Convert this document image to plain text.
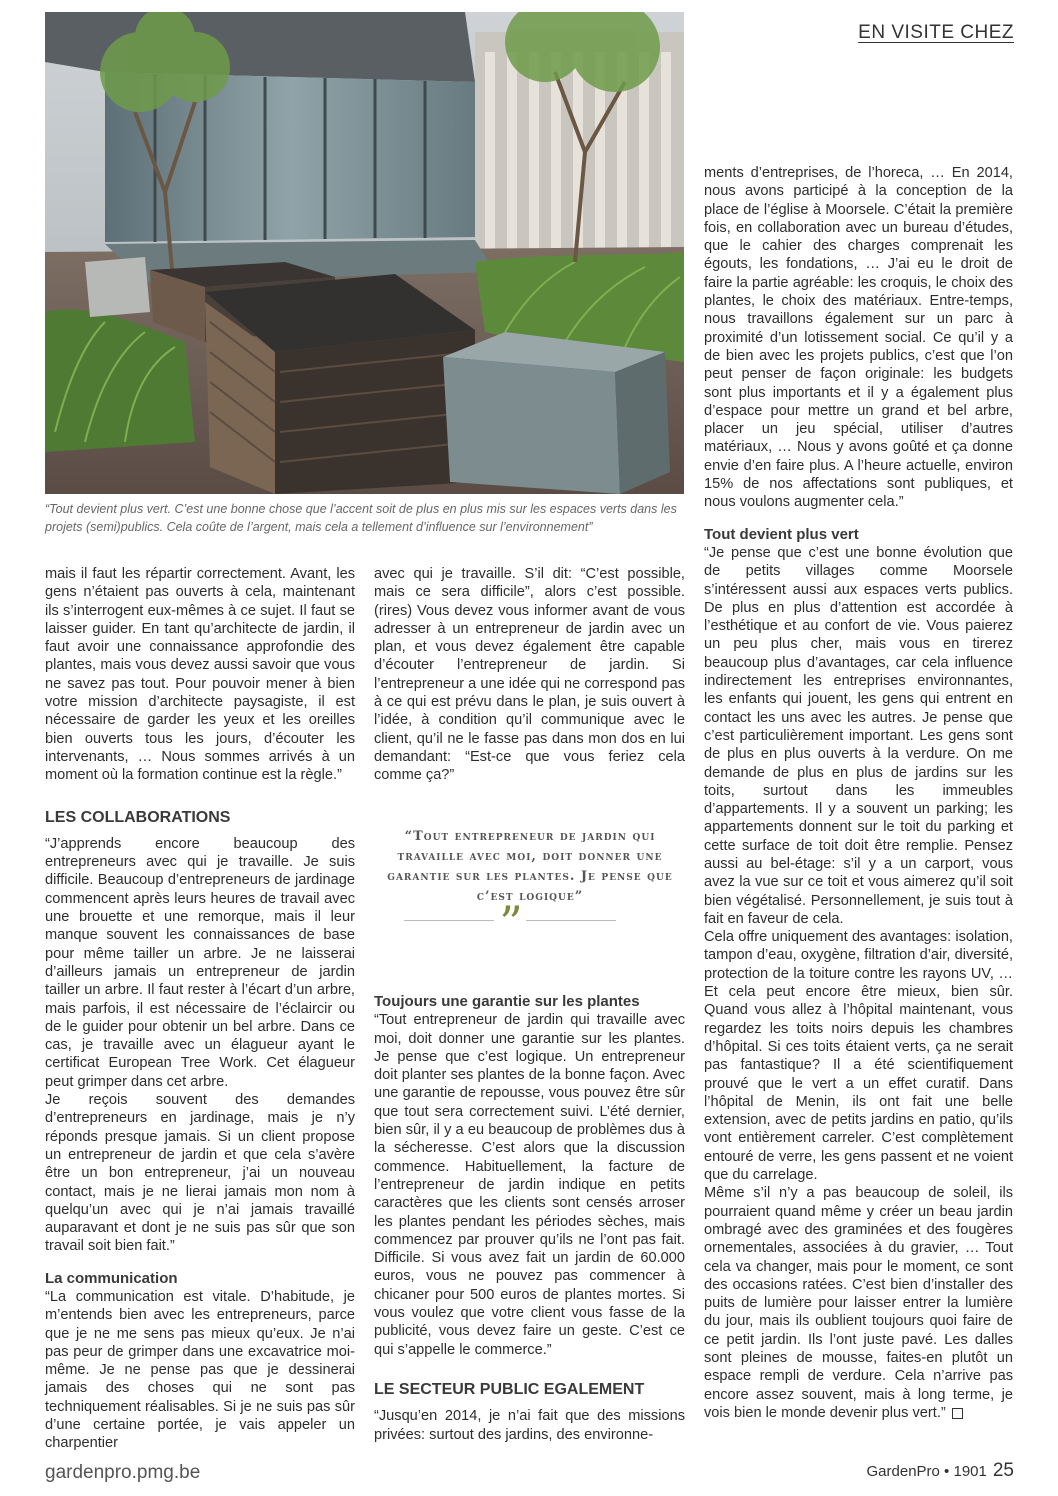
EN VISITE CHEZ
“Tout devient plus vert. C’est une bonne chose que l’accent soit de plus en plus mis sur les espaces verts dans les projets (semi)publics. Cela coûte de l’argent, mais cela a tellement d’influence sur l’environnement”

mais il faut les répartir correctement. Avant, les gens n’étaient pas ouverts à cela, maintenant ils s’interrogent eux-mêmes à ce sujet. Il faut se laisser guider. En tant qu’architecte de jardin, il faut avoir une connaissance approfondie des plantes, mais vous devez aussi savoir que vous ne savez pas tout. Pour pouvoir mener à bien votre mission d’architecte paysagiste, il est nécessaire de garder les yeux et les oreilles bien ouverts tous les jours, d’écouter les intervenants, … Nous sommes arrivés à un moment où la formation continue est la règle.”

LES COLLABORATIONS

“J’apprends encore beaucoup des entrepreneurs avec qui je travaille. Je suis difficile. Beaucoup d’entrepreneurs de jardinage commencent après leurs heures de travail avec une brouette et une remorque, mais il leur manque souvent les connaissances de base pour même tailler un arbre. Je ne laisserai d’ailleurs jamais un entrepreneur de jardin tailler un arbre. Il faut rester à l’écart d’un arbre, mais parfois, il est nécessaire de l’éclaircir ou de le guider pour obtenir un bel arbre. Dans ce cas, je travaille avec un élagueur ayant le certificat European Tree Work. Cet élagueur peut grimper dans cet arbre.

Je reçois souvent des demandes d’entrepreneurs en jardinage, mais je n’y réponds presque jamais. Si un client propose un entrepreneur de jardin et que cela s’avère être un bon entrepreneur, j’ai un nouveau contact, mais je ne lierai jamais mon nom à quelqu’un avec qui je n’ai jamais travaillé auparavant et dont je ne suis pas sûr que son travail soit bien fait.”

La communication

“La communication est vitale. D’habitude, je m’entends bien avec les entrepreneurs, parce que je ne me sens pas mieux qu’eux. Je n’ai pas peur de grimper dans une excavatrice moi-même. Je ne pense pas que je dessinerai jamais des choses qui ne sont pas techniquement réalisables. Si je ne suis pas sûr d’une certaine portée, je vais appeler un charpentier

avec qui je travaille. S’il dit: “C’est possible, mais ce sera difficile”, alors c’est possible. (rires) Vous devez vous informer avant de vous adresser à un entrepreneur de jardin avec un plan, et vous devez également être capable d’écouter l’entrepreneur de jardin. Si l’entrepreneur a une idée qui ne correspond pas à ce qui est prévu dans le plan, je suis ouvert à l’idée, à condition qu’il communique avec le client, qu’il ne le fasse pas dans mon dos en lui demandant: “Est-ce que vous feriez cela comme ça?”

“Tout entrepreneur de jardin qui travaille avec moi, doit donner une garantie sur les plantes. Je pense que c’est logique”
”
Toujours une garantie sur les plantes

“Tout entrepreneur de jardin qui travaille avec moi, doit donner une garantie sur les plantes. Je pense que c’est logique. Un entrepreneur doit planter ses plantes de la bonne façon. Avec une garantie de repousse, vous pouvez être sûr que tout sera correctement suivi. L’été dernier, bien sûr, il y a eu beaucoup de problèmes dus à la sécheresse. C’est alors que la discussion commence. Habituellement, la facture de l’entrepreneur de jardin indique en petits caractères que les clients sont censés arroser les plantes pendant les périodes sèches, mais commencez par prouver qu’ils ne l’ont pas fait. Difficile. Si vous avez fait un jardin de 60.000 euros, vous ne pouvez pas commencer à chicaner pour 500 euros de plantes mortes. Si vous voulez que votre client vous fasse de la publicité, vous devez faire un geste. C’est ce qui s’appelle le commerce.”

LE SECTEUR PUBLIC EGALEMENT

“Jusqu’en 2014, je n’ai fait que des missions privées: surtout des jardins, des environne-

ments d’entreprises, de l’horeca, … En 2014, nous avons participé à la conception de la place de l’église à Moorsele. C’était la première fois, en collaboration avec un bureau d’études, que le cahier des charges comprenait les égouts, les fondations, … J’ai eu le droit de faire la partie agréable: les croquis, le choix des plantes, le choix des matériaux. Entre-temps, nous travaillons également sur un parc à proximité d’un lotissement social. Ce qu’il y a de bien avec les projets publics, c’est que l’on peut penser de façon originale: les budgets sont plus importants et il y a également plus d’espace pour mettre un grand et bel arbre, placer un jeu spécial, utiliser d’autres matériaux, … Nous y avons goûté et ça donne envie d’en faire plus. A l’heure actuelle, environ 15% de nos affectations sont publiques, et nous voulons augmenter cela.”

Tout devient plus vert

“Je pense que c’est une bonne évolution que de petits villages comme Moorsele s’intéressent aussi aux espaces verts publics. De plus en plus d’attention est accordée à l’esthétique et au confort de vie. Vous paierez un peu plus cher, mais vous en tirerez beaucoup plus d’avantages, car cela influence indirectement les entreprises environnantes, les enfants qui jouent, les gens qui entrent en contact les uns avec les autres. Je pense que c’est particulièrement important. Les gens sont de plus en plus ouverts à la verdure. On me demande de plus en plus de jardins sur les toits, surtout dans les immeubles d’appartements. Il y a souvent un parking; les appartements donnent sur le toit du parking et cette surface de toit doit être remplie. Pensez aussi au bel-étage: s’il y a un carport, vous avez la vue sur ce toit et vous aimerez qu’il soit bien végétalisé. Personnellement, je suis tout à fait en faveur de cela.

Cela offre uniquement des avantages: isolation, tampon d’eau, oxygène, filtration d’air, diversité, protection de la toiture contre les rayons UV, … Et cela peut encore être mieux, bien sûr. Quand vous allez à l’hôpital maintenant, vous regardez les toits noirs depuis les chambres d’hôpital. Si ces toits étaient verts, ça ne serait pas fantastique? Il a été scientifiquement prouvé que le vert a un effet curatif. Dans l’hôpital de Menin, ils ont fait une belle extension, avec de petits jardins en patio, qu’ils vont entièrement carreler. C’est complètement entouré de verre, les gens passent et ne voient que du carrelage.

Même s’il n’y a pas beaucoup de soleil, ils pourraient quand même y créer un beau jardin ombragé avec des graminées et des fougères ornementales, associées à du gravier, … Tout cela va changer, mais pour le moment, ce sont des occasions ratées. C’est bien d’installer des puits de lumière pour laisser entrer la lumière du jour, mais ils oublient toujours quoi faire de ce petit jardin. Ils l’ont juste pavé. Les dalles sont pleines de mousse, faites-en plutôt un espace rempli de verdure. Cela n’arrive pas encore assez souvent, mais à long terme, je vois bien le monde devenir plus vert.”

gardenpro.pmg.be	GardenPro • 1901 25
